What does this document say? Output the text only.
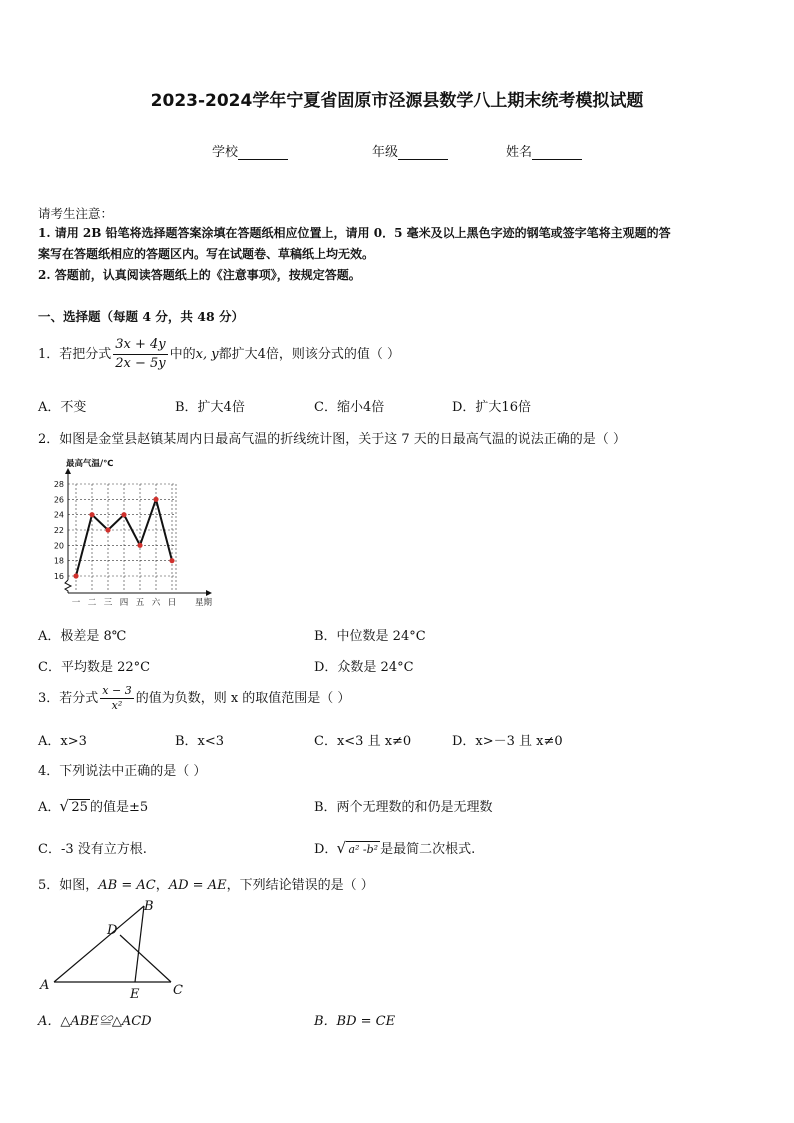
2023-2024学年宁夏省固原市泾源县数学八上期末统考模拟试题
学校	年级	姓名
请考生注意：
1. 请用 2B 铅笔将选择题答案涂填在答题纸相应位置上，请用 0．5 毫米及以上黑色字迹的钢笔或签字笔将主观题的答
案写在答题纸相应的答题区内。写在试题卷、草稿纸上均无效。
2. 答题前，认真阅读答题纸上的《注意事项》，按规定答题。
一、选择题（每题 4 分，共 48 分）
1．若把分式 $\frac{3x + 4y}{2x - 5y}$ 中的x, y都扩大4倍，则该分式的值（ ）
A．不变	B．扩大4倍	C．缩小4倍	D．扩大16倍
2．如图是金堂县赵镇某周内日最高气温的折线统计图，关于这 7 天的日最高气温的说法正确的是（ ）
16
18
20
22
24
26
28
一 二 三 四 五 六 日
最高气温/℃
星期
A．极差是 8℃	B．中位数是 24°C
C．平均数是 22°C	D．众数是 24°C
3．若分式 $\frac{x - 3}{\text{x²}}$ 的值为负数，则 x 的取值范围是（ ）
A．x>3	B．x<3	C．x<3 且 x≠0	D．x>－3 且 x≠0
4．下列说法中正确的是（ ）
A． √ 25 的值是±5	B．两个无理数的和仍是无理数
C．-3 没有立方根.	D． √ a² -b² 是最简二次根式.
5．如图，AB = AC，AD = AE，下列结论错误的是（ ）
A
B
C
D
E
A．△ABE≌△ACD	B．BD = CE
